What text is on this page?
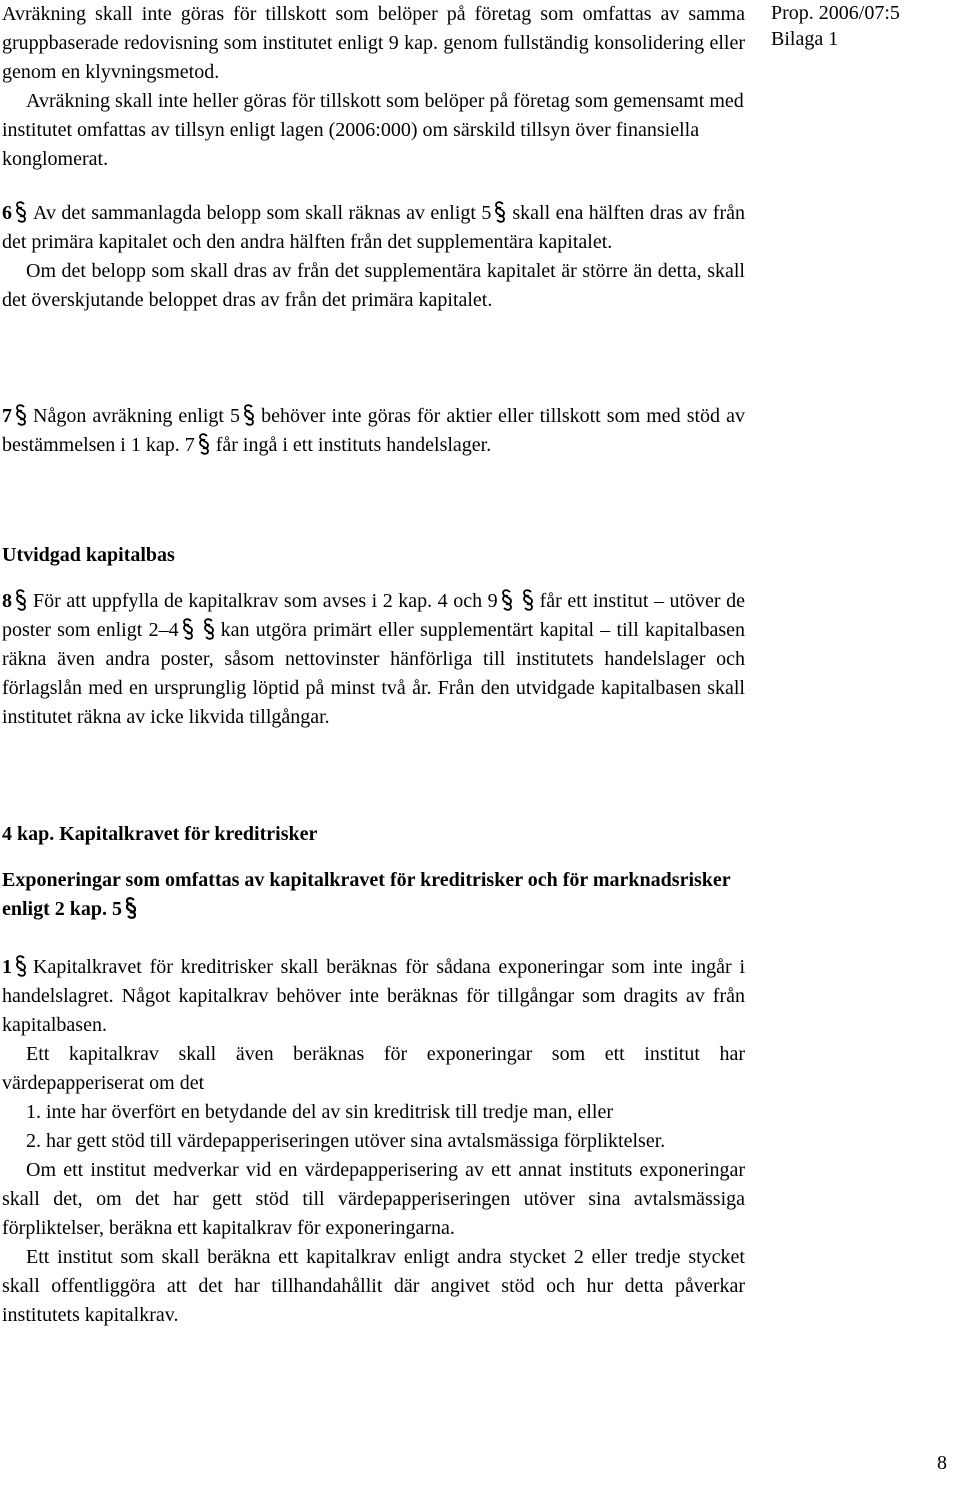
Prop. 2006/07:5
Bilaga 1

Avräkning skall inte göras för tillskott som belöper på företag som omfattas av samma gruppbaserade redovisning som institutet enligt 9 kap. genom fullständig konsolidering eller genom en klyvningsmetod.

Avräkning skall inte heller göras för tillskott som belöper på företag som gemensamt med institutet omfattas av tillsyn enligt lagen (2006:000) om särskild tillsyn över finansiella konglomerat.

6 Av det sammanlagda belopp som skall räknas av enligt 5 skall ena hälften dras av från det primära kapitalet och den andra hälften från det supplementära kapitalet.

Om det belopp som skall dras av från det supplementära kapitalet är större än detta, skall det överskjutande beloppet dras av från det primära kapitalet.

7 Någon avräkning enligt 5 behöver inte göras för aktier eller tillskott som med stöd av bestämmelsen i 1 kap. 7 får ingå i ett instituts handelslager.

Utvidgad kapitalbas

8 För att uppfylla de kapitalkrav som avses i 2 kap. 4 och 9 får ett institut – utöver de poster som enligt 2–4 kan utgöra primärt eller supplementärt kapital – till kapitalbasen räkna även andra poster, såsom nettovinster hänförliga till institutets handelslager och förlagslån med en ursprunglig löptid på minst två år. Från den utvidgade kapitalbasen skall institutet räkna av icke likvida tillgångar.

4 kap. Kapitalkravet för kreditrisker

Exponeringar som omfattas av kapitalkravet för kreditrisker och för marknadsrisker enligt 2 kap. 5

1 Kapitalkravet för kreditrisker skall beräknas för sådana exponeringar som inte ingår i handelslagret. Något kapitalkrav behöver inte beräknas för tillgångar som dragits av från kapitalbasen.

Ett kapitalkrav skall även beräknas för exponeringar som ett institut har värdepapperiserat om det

1. inte har överfört en betydande del av sin kreditrisk till tredje man, eller

2. har gett stöd till värdepapperiseringen utöver sina avtalsmässiga förpliktelser.

Om ett institut medverkar vid en värdepapperisering av ett annat instituts exponeringar skall det, om det har gett stöd till värdepapperiseringen utöver sina avtalsmässiga förpliktelser, beräkna ett kapitalkrav för exponeringarna.

Ett institut som skall beräkna ett kapitalkrav enligt andra stycket 2 eller tredje stycket skall offentliggöra att det har tillhandahållit där angivet stöd och hur detta påverkar institutets kapitalkrav.

8
